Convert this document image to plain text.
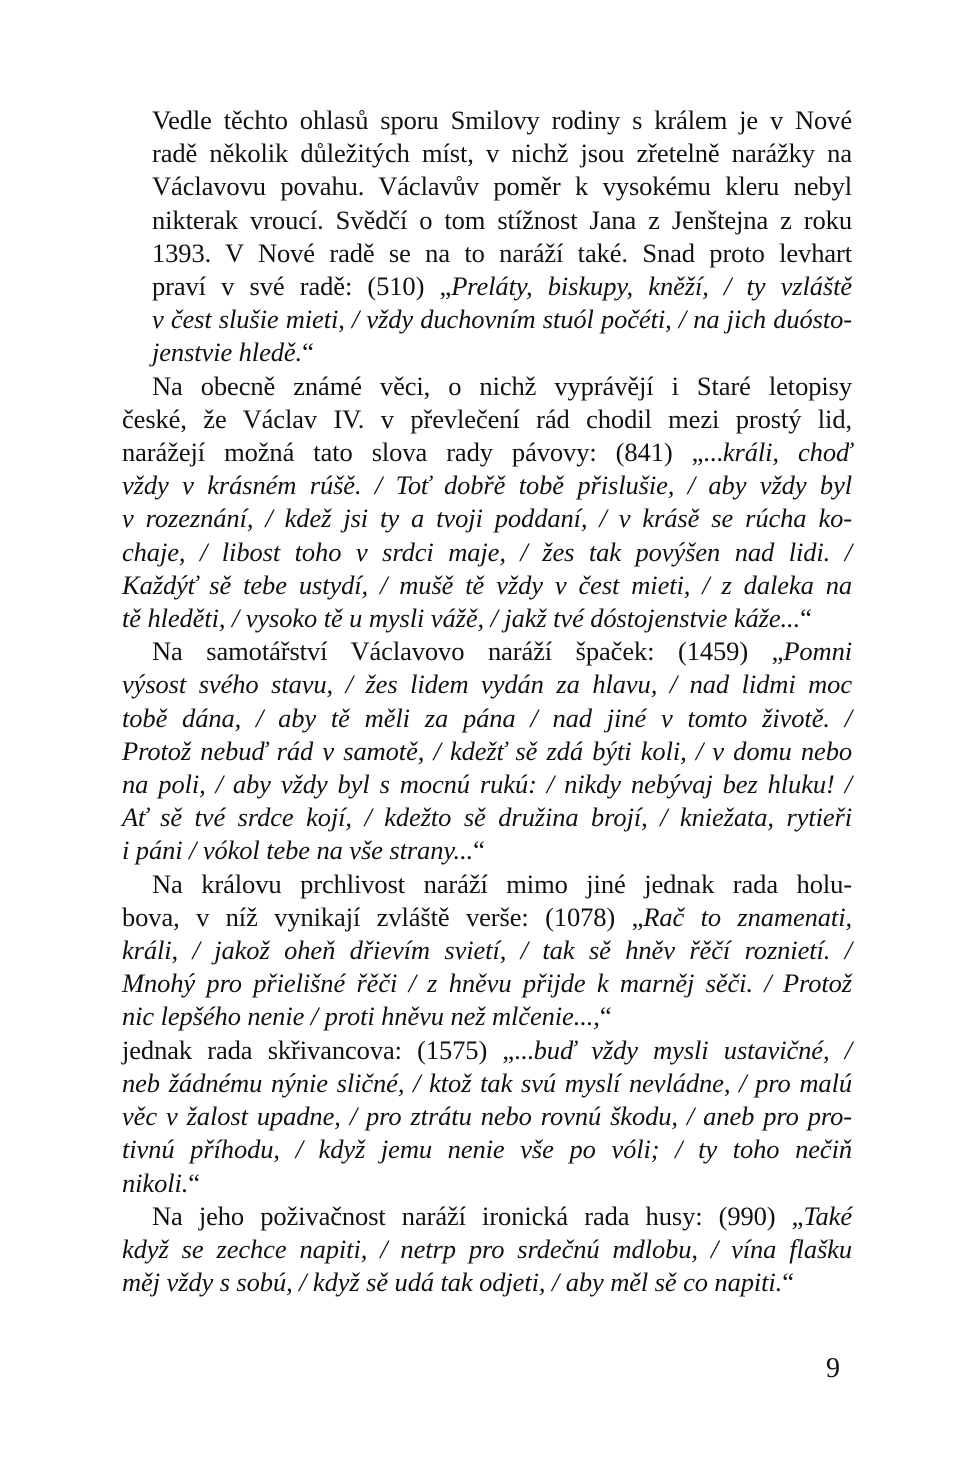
Vedle těchto ohlasů sporu Smilovy rodiny s králem je v Nové
radě několik důležitých míst, v nichž jsou zřetelně narážky na
Václavovu povahu. Václavův poměr k vysokému kleru nebyl
nikterak vroucí. Svědčí o tom stížnost Jana z Jenštejna z roku
1393. V Nové radě se na to naráží také. Snad proto levhart
praví v své radě: (510) „Preláty, biskupy, kněží, / ty vzláště
v čest slušie mieti, / vždy duchovním stuól počéti, / na jich duósto-
jenstvie hledě.“

Na obecně známé věci, o nichž vyprávějí i Staré letopisy
české, že Václav IV. v převlečení rád chodil mezi prostý lid,
narážejí možná tato slova rady pávovy: (841) „...králi, choď
vždy v krásném rúšě. / Toť dobřě tobě přislušie, / aby vždy byl
v rozeznání, / kdež jsi ty a tvoji poddaní, / v krásě se rúcha ko-
chaje, / libost toho v srdci maje, / žes tak povýšen nad lidi. /
Každýť sě tebe ustydí, / mušě tě vždy v čest mieti, / z daleka na
tě hleděti, / vysoko tě u mysli vážě, / jakž tvé dóstojenstvie káže...“

Na samotářství Václavovo naráží špaček: (1459) „Pomni
výsost svého stavu, / žes lidem vydán za hlavu, / nad lidmi moc
tobě dána, / aby tě měli za pána / nad jiné v tomto životě. /
Protož nebuď rád v samotě, / kdežť sě zdá býti koli, / v domu nebo
na poli, / aby vždy byl s mocnú rukú: / nikdy nebývaj bez hluku! /
Ať sě tvé srdce kojí, / kdežto sě družina brojí, / kniežata, rytieři
i páni / vókol tebe na vše strany...“

Na královu prchlivost naráží mimo jiné jednak rada holu-
bova, v níž vynikají zvláště verše: (1078) „Rač to znamenati,
králi, / jakož oheň dřievím svietí, / tak sě hněv řěčí roznietí. /
Mnohý pro přielišné řěči / z hněvu přijde k marněj sěči. / Protož
nic lepšého nenie / proti hněvu než mlčenie...,“
jednak rada skřivancova: (1575) „...buď vždy mysli ustavičné, /
neb žádnému nýnie sličné, / ktož tak svú myslí nevládne, / pro malú
věc v žalost upadne, / pro ztrátu nebo rovnú škodu, / aneb pro pro-
tivnú příhodu, / když jemu nenie vše po vóli; / ty toho nečiň
nikoli.“

Na jeho poživačnost naráží ironická rada husy: (990) „Také
když se zechce napiti, / netrp pro srdečnú mdlobu, / vína flašku
měj vždy s sobú, / když sě udá tak odjeti, / aby měl sě co napiti.“

9
